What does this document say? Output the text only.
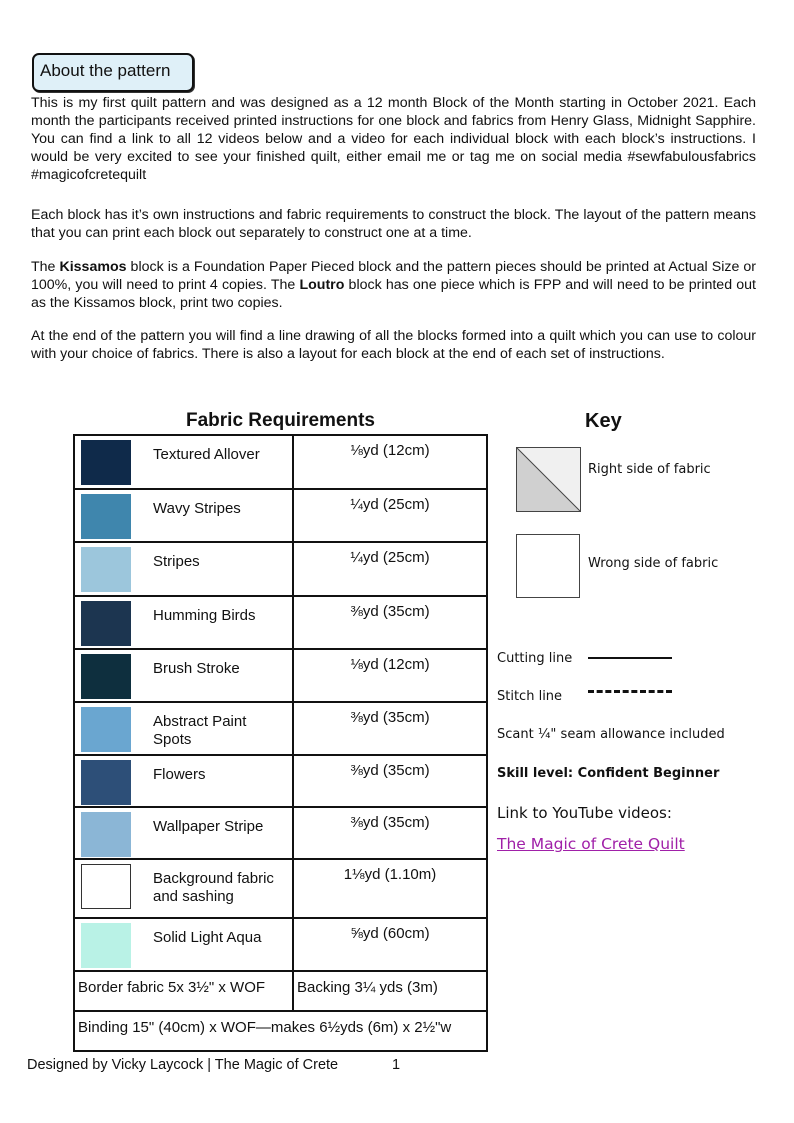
About the pattern

This is my first quilt pattern and was designed as a 12 month Block of the Month starting in October 2021. Each month the participants received printed instructions for one block and fabrics from Henry Glass, Midnight Sapphire. You can find a link to all 12 videos below and a video for each individual block with each block’s instructions. I would be very excited to see your finished quilt, either email me or tag me on social media #sewfabulousfabrics #magicofcretequilt

Each block has it’s own instructions and fabric requirements to construct the block. The layout of the pattern means that you can print each block out separately to construct one at a time.

The Kissamos block is a Foundation Paper Pieced block and the pattern pieces should be printed at Actual Size or 100%, you will need to print 4 copies. The Loutro block has one piece which is FPP and will need to be printed out as the Kissamos block, print two copies.

At the end of the pattern you will find a line drawing of all the blocks formed into a quilt which you can use to colour with your choice of fabrics. There is also a layout for each block at the end of each set of instructions.

Fabric Requirements
Textured Allover	⅛yd (12cm)

Wavy Stripes	¼yd (25cm)

Stripes	¼yd (25cm)

Humming Birds	⅜yd (35cm)

Brush Stroke	⅛yd (12cm)

Abstract Paint Spots	⅜yd (35cm)

Flowers	⅜yd (35cm)

Wallpaper Stripe	⅜yd (35cm)

Background fabric and sashing	1⅛yd (1.10m)

Solid Light Aqua	⅝yd (60cm)
Border fabric 5x 3½" x WOF	Backing 3¼ yds (3m)
Binding 15" (40cm) x WOF—makes 6½yds (6m) x 2½"w	
Key
Right side of fabric
Wrong side of fabric
Cutting line
Stitch line
Scant ¼" seam allowance included
Skill level: Confident Beginner
Link to YouTube videos:
The Magic of Crete Quilt
Designed by Vicky Laycock | The Magic of Crete	1
